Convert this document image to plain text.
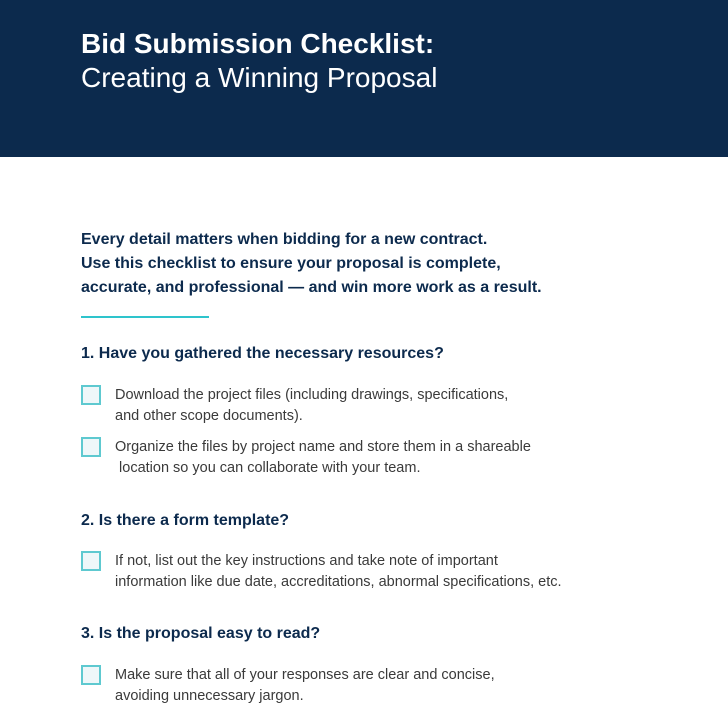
Bid Submission Checklist:
Creating a Winning Proposal
Every detail matters when bidding for a new contract.
Use this checklist to ensure your proposal is complete,
accurate, and professional — and win more work as a result.
1. Have you gathered the necessary resources?
Download the project files (including drawings, specifications,
and other scope documents).
Organize the files by project name and store them in a shareable
location so you can collaborate with your team.
2. Is there a form template?
If not, list out the key instructions and take note of important
information like due date, accreditations, abnormal specifications, etc.
3. Is the proposal easy to read?
Make sure that all of your responses are clear and concise,
avoiding unnecessary jargon.
